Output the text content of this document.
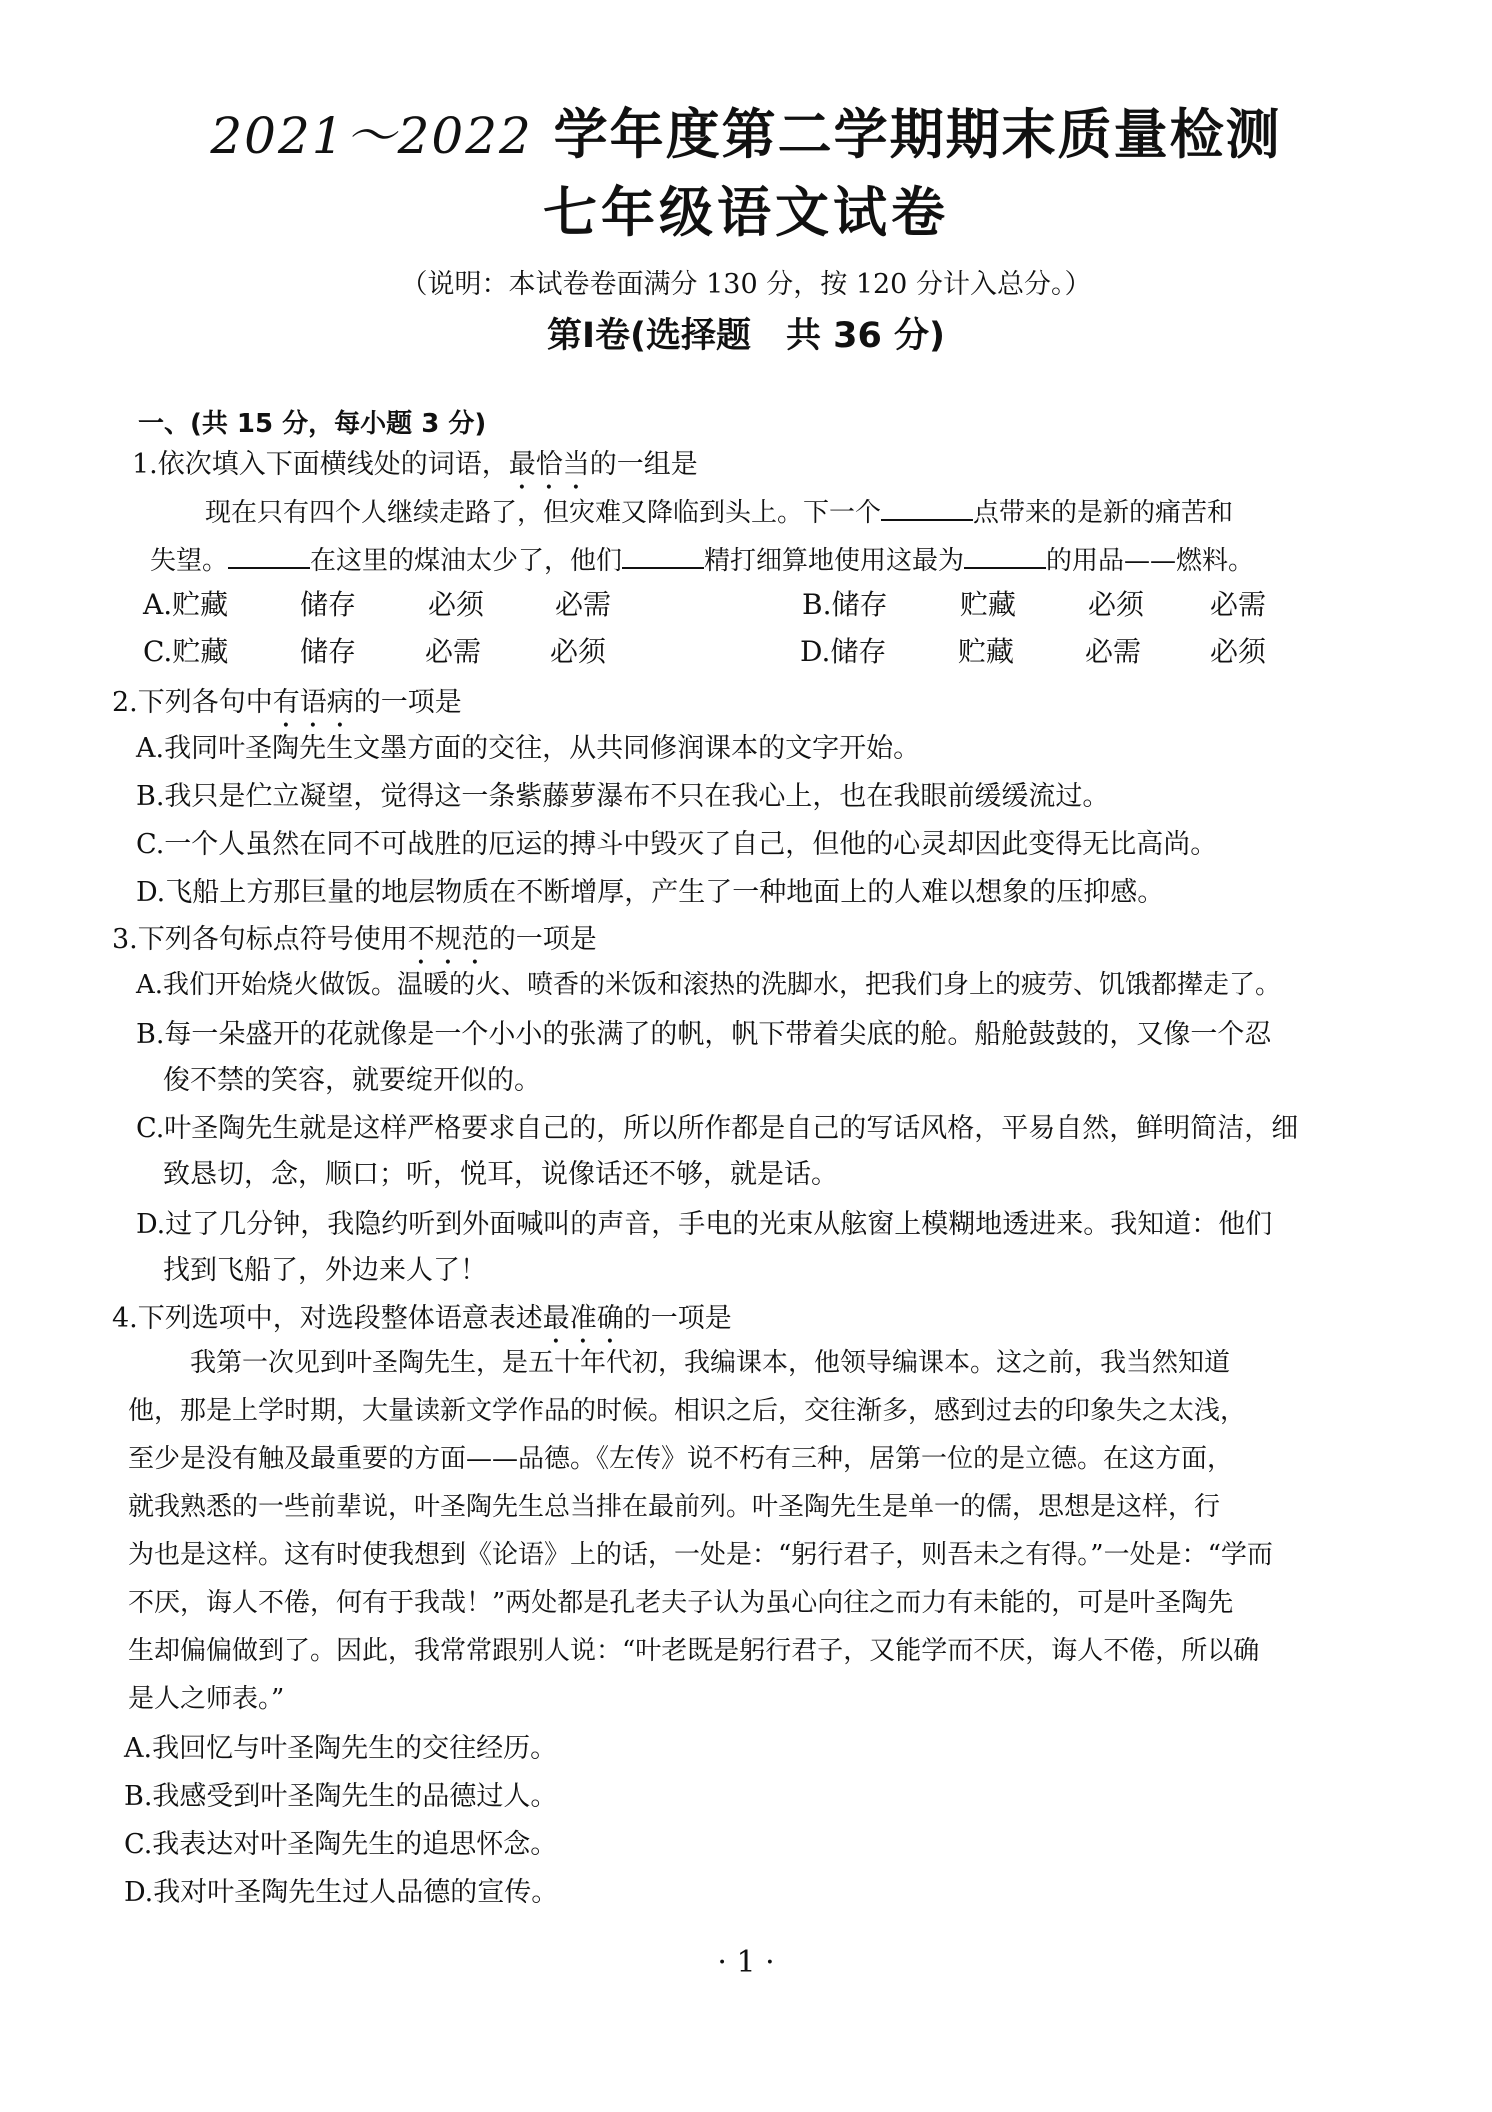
2021～2022 学年度第二学期期末质量检测
七年级语文试卷
（说明：本试卷卷面满分 130 分，按 120 分计入总分。）
第Ⅰ卷(选择题　共 36 分)
一、(共 15 分，每小题 3 分)
1.依次填入下面横线处的词语，最恰当的一组是
现在只有四个人继续走路了，但灾难又降临到头上。下一个	点带来的是新的痛苦和
失望。	在这里的煤油太少了，他们	精打细算地使用这最为	的用品——燃料。
A.贮藏	储存	必须	必需	B.储存	贮藏	必须 必需
C.贮藏	储存 必需 必须	D.储存	贮藏	必需 必须
2.下列各句中有语病的一项是
A.我同叶圣陶先生文墨方面的交往，从共同修润课本的文字开始。
B.我只是伫立凝望，觉得这一条紫藤萝瀑布不只在我心上，也在我眼前缓缓流过。
C.一个人虽然在同不可战胜的厄运的搏斗中毁灭了自己，但他的心灵却因此变得无比高尚。
D.飞船上方那巨量的地层物质在不断增厚，产生了一种地面上的人难以想象的压抑感。
3.下列各句标点符号使用不规范的一项是
A.我们开始烧火做饭。温暖的火、喷香的米饭和滚热的洗脚水，把我们身上的疲劳、饥饿都撵走了。
B.每一朵盛开的花就像是一个小小的张满了的帆，帆下带着尖底的舱。船舱鼓鼓的，又像一个忍
俊不禁的笑容，就要绽开似的。
C.叶圣陶先生就是这样严格要求自己的，所以所作都是自己的写话风格，平易自然，鲜明简洁，细
致恳切，念，顺口；听，悦耳，说像话还不够，就是话。
D.过了几分钟，我隐约听到外面喊叫的声音，手电的光束从舷窗上模糊地透进来。我知道：他们
找到飞船了，外边来人了！
4.下列选项中，对选段整体语意表述最准确的一项是
我第一次见到叶圣陶先生，是五十年代初，我编课本，他领导编课本。这之前，我当然知道
他，那是上学时期，大量读新文学作品的时候。相识之后，交往渐多，感到过去的印象失之太浅，
至少是没有触及最重要的方面——品德。《左传》说不朽有三种，居第一位的是立德。在这方面，
就我熟悉的一些前辈说，叶圣陶先生总当排在最前列。叶圣陶先生是单一的儒，思想是这样，行
为也是这样。这有时使我想到《论语》上的话，一处是：“躬行君子，则吾未之有得。”一处是：“学而
不厌，诲人不倦，何有于我哉！”两处都是孔老夫子认为虽心向往之而力有未能的，可是叶圣陶先
生却偏偏做到了。因此，我常常跟别人说：“叶老既是躬行君子，又能学而不厌，诲人不倦，所以确
是人之师表。”
A.我回忆与叶圣陶先生的交往经历。
B.我感受到叶圣陶先生的品德过人。
C.我表达对叶圣陶先生的追思怀念。
D.我对叶圣陶先生过人品德的宣传。
· 1 ·
